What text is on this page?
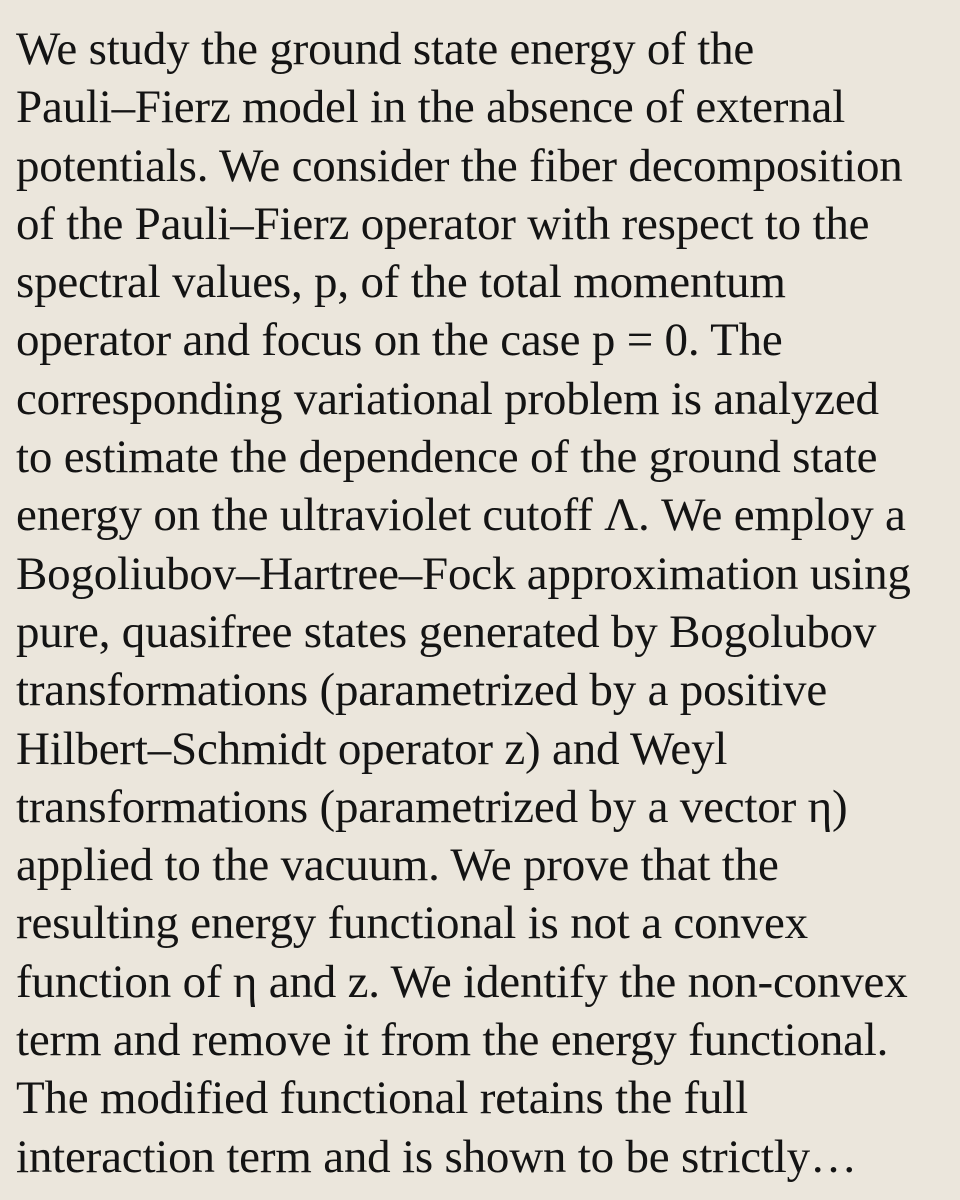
We study the ground state energy of the
Pauli–Fierz model in the absence of external
potentials. We consider the fiber decomposition
of the Pauli–Fierz operator with respect to the
spectral values, p, of the total momentum
operator and focus on the case p = 0. The
corresponding variational problem is analyzed
to estimate the dependence of the ground state
energy on the ultraviolet cutoff Λ. We employ a
Bogoliubov–Hartree–Fock approximation using
pure, quasifree states generated by Bogolubov
transformations (parametrized by a positive
Hilbert–Schmidt operator z) and Weyl
transformations (parametrized by a vector η)
applied to the vacuum. We prove that the
resulting energy functional is not a convex
function of η and z. We identify the non-convex
term and remove it from the energy functional.
The modified functional retains the full
interaction term and is shown to be strictly…
